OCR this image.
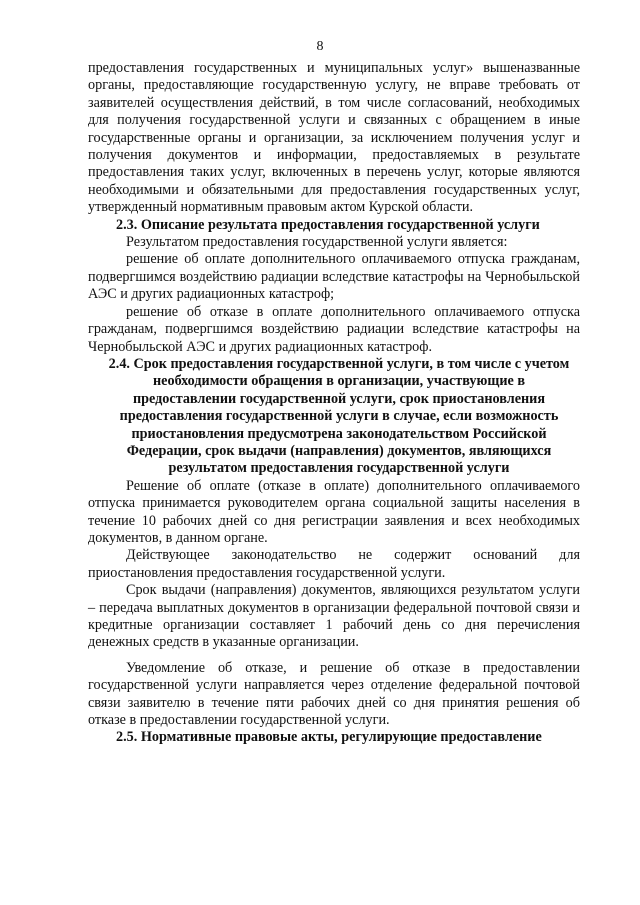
8

предоставления государственных и муниципальных услуг» вышеназванные органы, предоставляющие государственную услугу, не вправе требовать от заявителей осуществления действий, в том числе согласований, необходимых для получения государственной услуги и связанных с обращением в иные государственные органы и организации, за исключением получения услуг и получения документов и информации, предоставляемых в результате предоставления таких услуг, включенных в перечень услуг, которые являются необходимыми и обязательными для предоставления государственных услуг, утвержденный нормативным правовым актом Курской области.

2.3. Описание результата предоставления государственной услуги

Результатом предоставления государственной услуги является:

решение об оплате дополнительного оплачиваемого отпуска гражданам, подвергшимся воздействию радиации вследствие катастрофы на Чернобыльской АЭС и других радиационных катастроф;

решение об отказе в оплате дополнительного оплачиваемого отпуска гражданам, подвергшимся воздействию радиации вследствие катастрофы на Чернобыльской АЭС и других радиационных катастроф.

2.4. Срок предоставления государственной услуги, в том числе с учетом необходимости обращения в организации, участвующие в предоставлении государственной услуги, срок приостановления предоставления государственной услуги в случае, если возможность приостановления предусмотрена законодательством Российской Федерации, срок выдачи (направления) документов, являющихся результатом предоставления государственной услуги

Решение об оплате (отказе в оплате) дополнительного оплачиваемого отпуска принимается руководителем органа социальной защиты населения в течение 10 рабочих дней со дня регистрации заявления и всех необходимых документов, в данном органе.

Действующее законодательство не содержит оснований для приостановления предоставления государственной услуги.

Срок выдачи (направления) документов, являющихся результатом услуги – передача выплатных документов в организации федеральной почтовой связи и кредитные организации составляет 1 рабочий день со дня перечисления денежных средств в указанные организации.

Уведомление об отказе, и решение об отказе в предоставлении государственной услуги направляется через отделение федеральной почтовой связи заявителю в течение пяти рабочих дней со дня принятия решения об отказе в предоставлении государственной услуги.

2.5. Нормативные правовые акты, регулирующие предоставление
